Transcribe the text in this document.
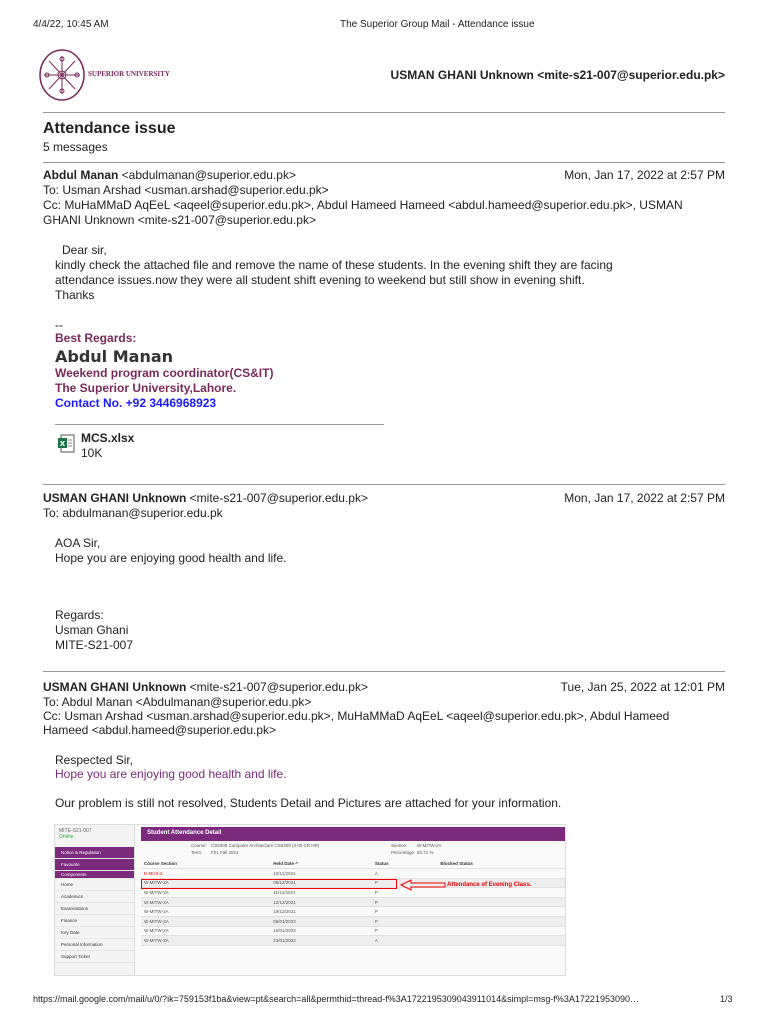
4/4/22, 10:45 AM	The Superior Group Mail - Attendance issue
SUPERIOR UNIVERSITY	USMAN GHANI Unknown <mite-s21-007@superior.edu.pk>
Attendance issue
5 messages
Abdul Manan <abdulmanan@superior.edu.pk>	Mon, Jan 17, 2022 at 2:57 PM
To: Usman Arshad <usman.arshad@superior.edu.pk>
Cc: MuHaMMaD AqEeL <aqeel@superior.edu.pk>, Abdul Hameed Hameed <abdul.hameed@superior.edu.pk>, USMAN
GHANI Unknown <mite-s21-007@superior.edu.pk>
Dear sir,
kindly check the attached file and remove the name of these students. In the evening shift they are facing
attendance issues.now they were all student shift evening to weekend but still show in evening shift.
Thanks
--
Best Regards:
Abdul Manan
Weekend program coordinator(CS&IT)
The Superior University,Lahore.
Contact No. +92 3446968923
X MCS.xlsx
10K
USMAN GHANI Unknown <mite-s21-007@superior.edu.pk>	Mon, Jan 17, 2022 at 2:57 PM
To: abdulmanan@superior.edu.pk
AOA Sir,
Hope you are enjoying good health and life.
Regards:
Usman Ghani
MITE-S21-007
USMAN GHANI Unknown <mite-s21-007@superior.edu.pk>	Tue, Jan 25, 2022 at 12:01 PM
To: Abdul Manan <Abdulmanan@superior.edu.pk>
Cc: Usman Arshad <usman.arshad@superior.edu.pk>, MuHaMMaD AqEeL <aqeel@superior.edu.pk>, Abdul Hameed
Hameed <abdul.hameed@superior.edu.pk>
Respected Sir,
Hope you are enjoying good health and life.
Our problem is still not resolved, Students Detail and Pictures are attached for your information.
MITE-S21-007
Online
Notice & Regulation
Favourite
Components
Home
Academics
Examinations
Finance
Key Date
Personal Information
Support Ticket
Student Attendance Detail
Course: CS6309 Computer Architecture CS6309 (3.00 CR HR)
Term: F21 Fall 2021
Section: W-MITW-2A
Percentage: 83.71 %
Course Section	Held Date ^	Status	Blocked Status
E-MCS-2	10/11/2021	A	
W-MITW-2A	05/12/2021	P	
W-MITW-2A	11/12/2021	P	
W-MITW-2A	12/12/2021	P	
W-MITW-2A	19/12/2021	P	
W-MITW-2A	08/01/2022	P	
W-MITW-2A	16/01/2022	P	
W-MITW-2A	23/01/2022	A	
Attendance of Evening Class.
https://mail.google.com/mail/u/0/?ik=759153f1ba&view=pt&search=all&permthid=thread-f%3A1722195309043911014&simpl=msg-f%3A17221953090…	1/3
